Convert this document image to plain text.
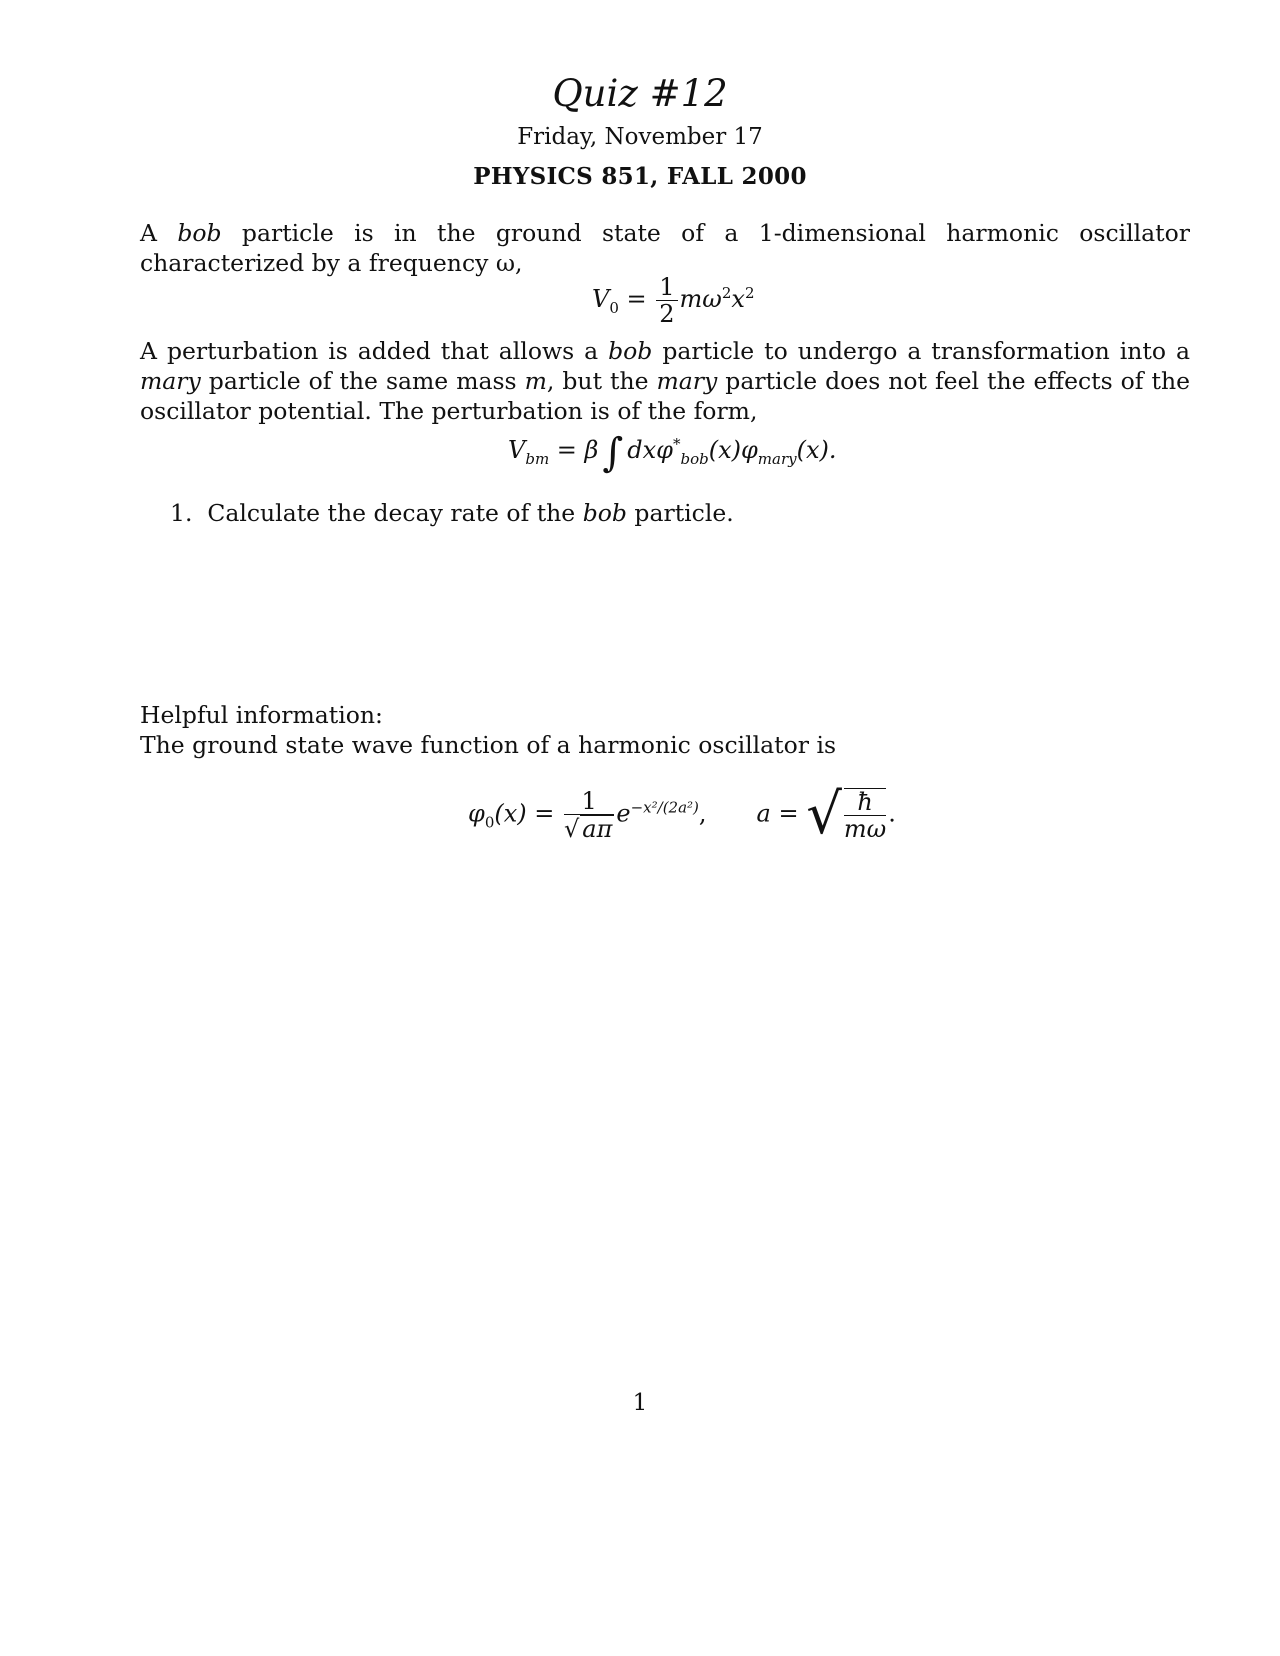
Quiz #12
Friday, November 17
PHYSICS 851, FALL 2000
A bob particle is in the ground state of a 1-dimensional harmonic oscillator characterized by a frequency ω,
$V_0 = \frac{1}{2} m\omega^2x^2$
A perturbation is added that allows a bob particle to undergo a transformation into a mary particle of the same mass m, but the mary particle does not feel the effects of the oscillator potential. The perturbation is of the form,
$V_{bm} = \beta$ ∫ $dx\varphi^*_{bob}(x)\varphi_{mary}(x)$.
1. Calculate the decay rate of the bob particle.
Helpful information:
The ground state wave function of a harmonic oscillator is
$\varphi_0(x) = \frac{1}{√ a\pi} e^{-x^2/(2a^2)}$, a = √ $\frac{ħ}{m\omega}$ .
1
